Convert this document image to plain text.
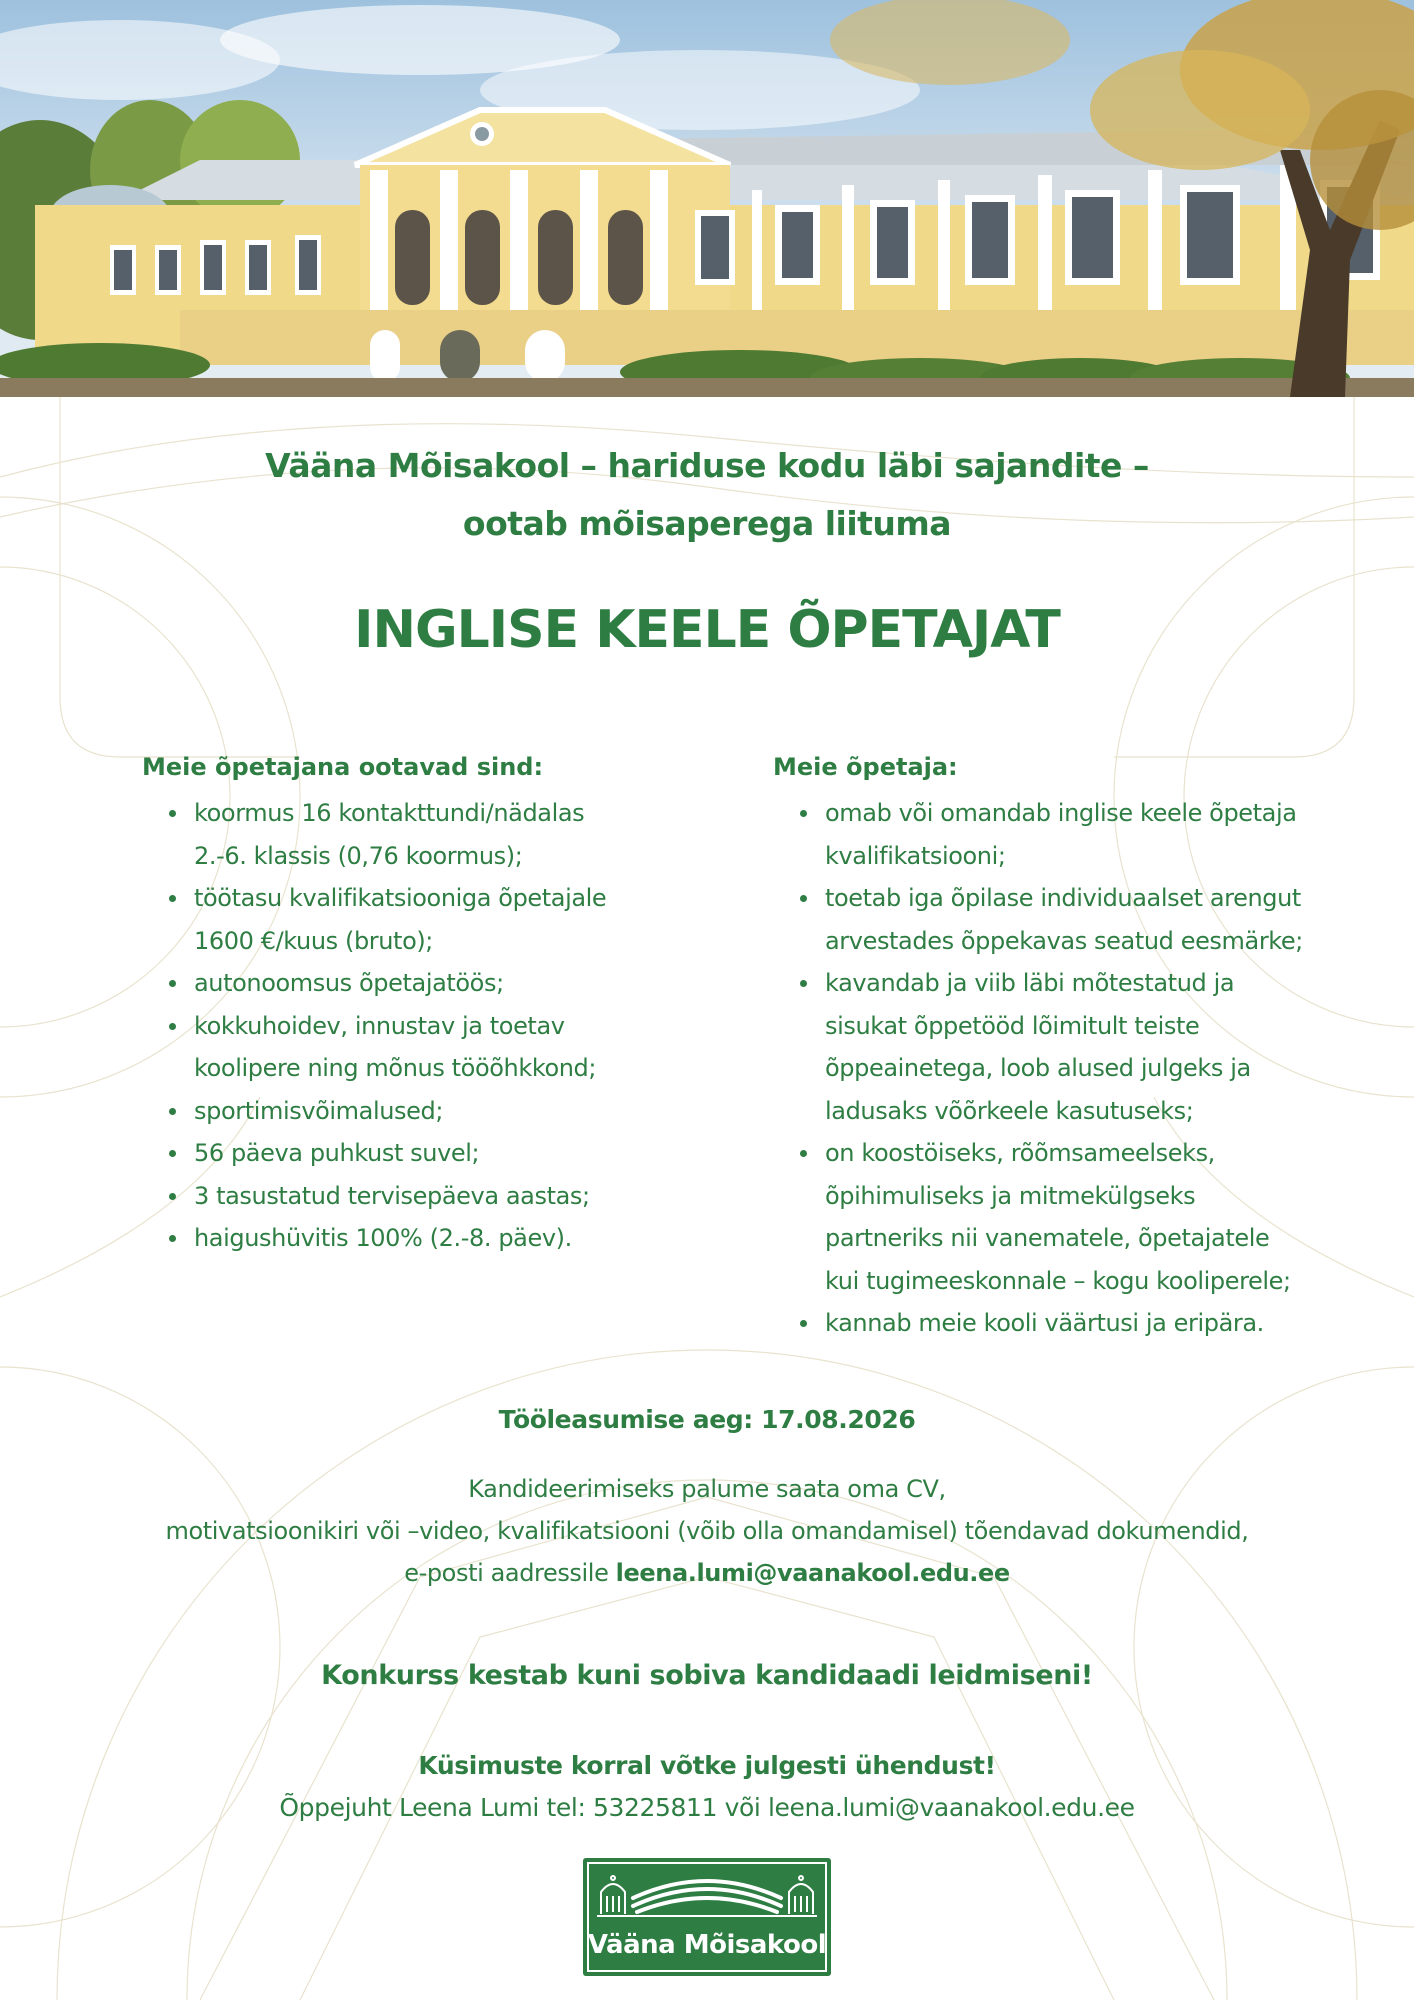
Vääna Mõisakool – hariduse kodu läbi sajandite –
ootab mõisaperega liituma
INGLISE KEELE ÕPETAJAT
Meie õpetajana ootavad sind:
koormus 16 kontakttundi/nädalas
2.-6. klassis (0,76 koormus);
töötasu kvalifikatsiooniga õpetajale
1600 €/kuus (bruto);
autonoomsus õpetajatöös;
kokkuhoidev, innustav ja toetav
koolipere ning mõnus tööõhkkond;
sportimisvõimalused;
56 päeva puhkust suvel;
3 tasustatud tervisepäeva aastas;
haigushüvitis 100% (2.-8. päev).
Meie õpetaja:
omab või omandab inglise keele õpetaja
kvalifikatsiooni;
toetab iga õpilase individuaalset arengut
arvestades õppekavas seatud eesmärke;
kavandab ja viib läbi mõtestatud ja
sisukat õppetööd lõimitult teiste
õppeainetega, loob alused julgeks ja
ladusaks võõrkeele kasutuseks;
on koostöiseks, rõõmsameelseks,
õpihimuliseks ja mitmekülgseks
partneriks nii vanematele, õpetajatele
kui tugimeeskonnale – kogu kooliperele;
kannab meie kooli väärtusi ja eripära.
Tööleasumise aeg: 17.08.2026
Kandideerimiseks palume saata oma CV,
motivatsioonikiri või –video, kvalifikatsiooni (võib olla omandamisel) tõendavad dokumendid,
e-posti aadressile leena.lumi@vaanakool.edu.ee
Konkurss kestab kuni sobiva kandidaadi leidmiseni!
Küsimuste korral võtke julgesti ühendust!
Õppejuht Leena Lumi tel: 53225811 või leena.lumi@vaanakool.edu.ee
Vääna Mõisakool
